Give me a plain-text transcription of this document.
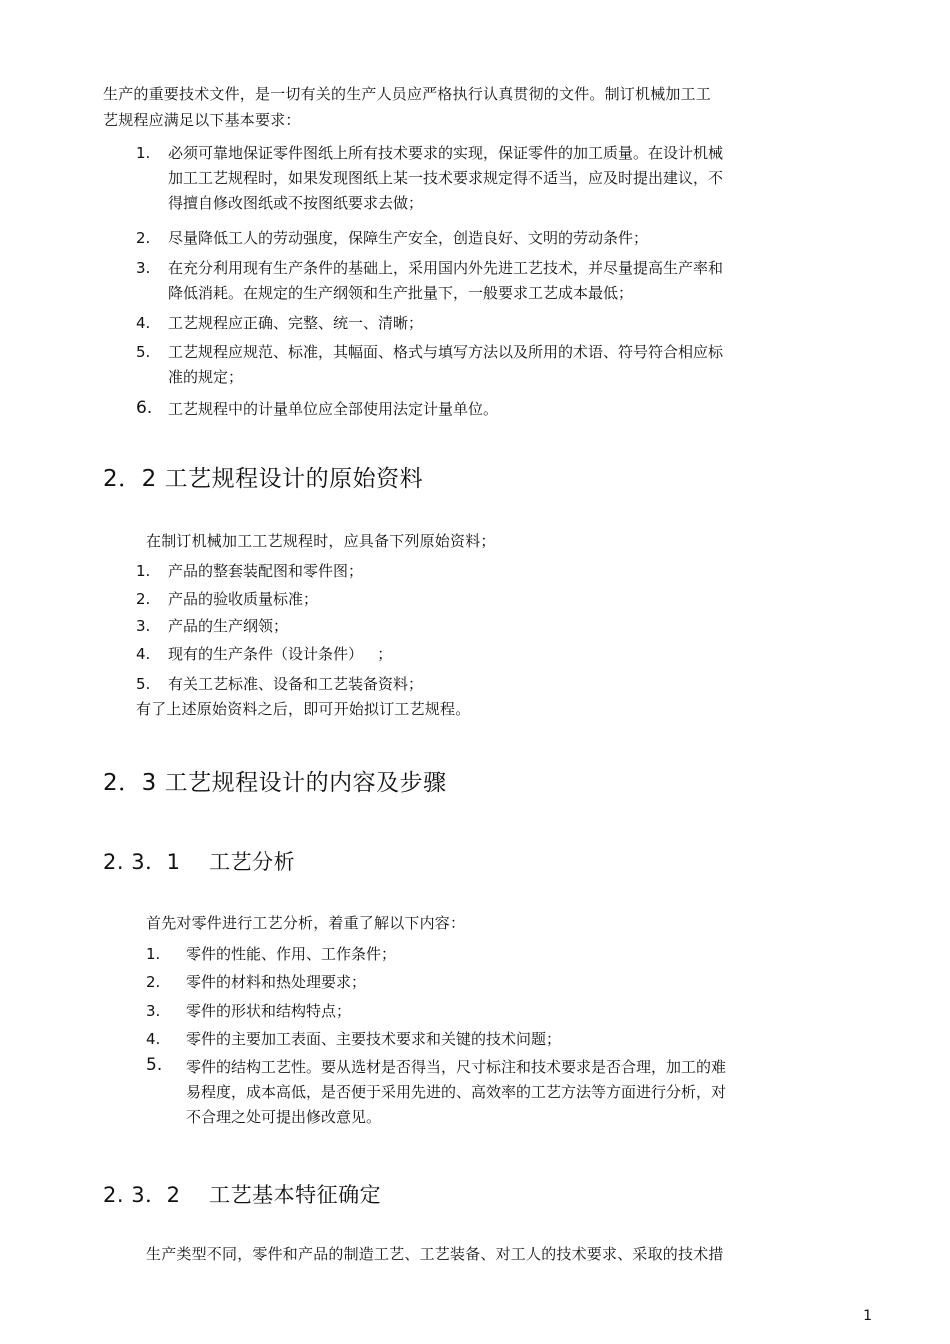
生产的重要技术文件，是一切有关的生产人员应严格执行认真贯彻的文件。制订机械加工工

艺规程应满足以下基本要求：

1. 必须可靠地保证零件图纸上所有技术要求的实现，保证零件的加工质量。在设计机械
加工工艺规程时，如果发现图纸上某一技术要求规定得不适当，应及时提出建议，不
得擅自修改图纸或不按图纸要求去做；
2. 尽量降低工人的劳动强度，保障生产安全，创造良好、文明的劳动条件；
3. 在充分利用现有生产条件的基础上，采用国内外先进工艺技术，并尽量提高生产率和
降低消耗。在规定的生产纲领和生产批量下，一般要求工艺成本最低；
4. 工艺规程应正确、完整、统一、清晰；
5. 工艺规程应规范、标准，其幅面、格式与填写方法以及所用的术语、符号符合相应标
准的规定；
6. 工艺规程中的计量单位应全部使用法定计量单位。
2．2 工艺规程设计的原始资料

在制订机械加工工艺规程时，应具备下列原始资料；

1. 产品的整套装配图和零件图；
2. 产品的验收质量标准；
3. 产品的生产纲领；
4. 现有的生产条件（设计条件）   ；
5. 有关工艺标准、设备和工艺装备资料；

有了上述原始资料之后，即可开始拟订工艺规程。

2．3 工艺规程设计的内容及步骤
2. 3．1    工艺分析

首先对零件进行工艺分析，着重了解以下内容：

1. 零件的性能、作用、工作条件；
2. 零件的材料和热处理要求；
3. 零件的形状和结构特点；
4. 零件的主要加工表面、主要技术要求和关键的技术问题；
5. 零件的结构工艺性。要从选材是否得当，尺寸标注和技术要求是否合理，加工的难
易程度，成本高低，是否便于采用先进的、高效率的工艺方法等方面进行分析，对
不合理之处可提出修改意见。
2. 3．2    工艺基本特征确定

生产类型不同，零件和产品的制造工艺、工艺装备、对工人的技术要求、采取的技术措

1
